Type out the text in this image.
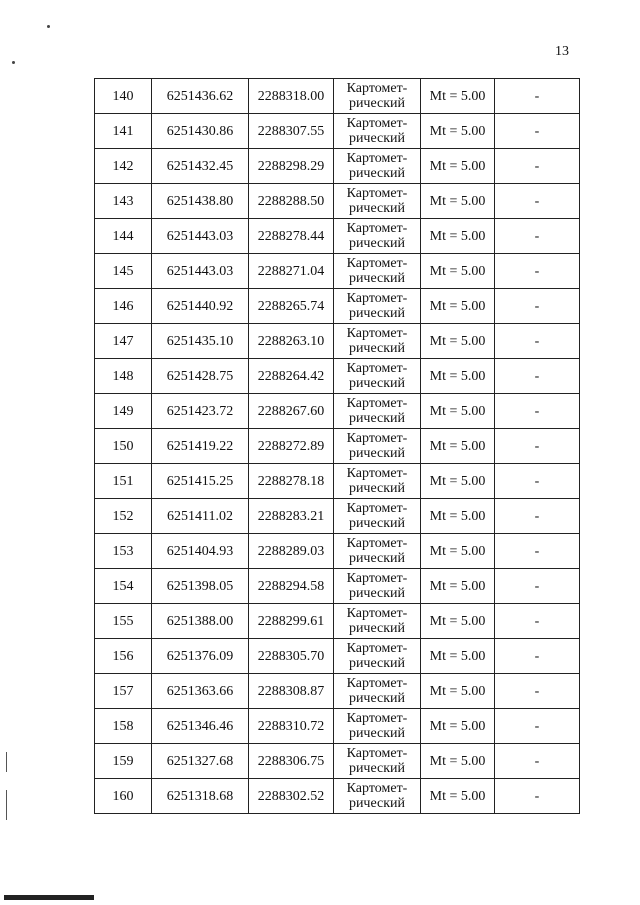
13
140	6251436.62	2288318.00	Картомет-
рический	Mt = 5.00	-
141	6251430.86	2288307.55	Картомет-
рический	Mt = 5.00	-
142	6251432.45	2288298.29	Картомет-
рический	Mt = 5.00	-
143	6251438.80	2288288.50	Картомет-
рический	Mt = 5.00	-
144	6251443.03	2288278.44	Картомет-
рический	Mt = 5.00	-
145	6251443.03	2288271.04	Картомет-
рический	Mt = 5.00	-
146	6251440.92	2288265.74	Картомет-
рический	Mt = 5.00	-
147	6251435.10	2288263.10	Картомет-
рический	Mt = 5.00	-
148	6251428.75	2288264.42	Картомет-
рический	Mt = 5.00	-
149	6251423.72	2288267.60	Картомет-
рический	Mt = 5.00	-
150	6251419.22	2288272.89	Картомет-
рический	Mt = 5.00	-
151	6251415.25	2288278.18	Картомет-
рический	Mt = 5.00	-
152	6251411.02	2288283.21	Картомет-
рический	Mt = 5.00	-
153	6251404.93	2288289.03	Картомет-
рический	Mt = 5.00	-
154	6251398.05	2288294.58	Картомет-
рический	Mt = 5.00	-
155	6251388.00	2288299.61	Картомет-
рический	Mt = 5.00	-
156	6251376.09	2288305.70	Картомет-
рический	Mt = 5.00	-
157	6251363.66	2288308.87	Картомет-
рический	Mt = 5.00	-
158	6251346.46	2288310.72	Картомет-
рический	Mt = 5.00	-
159	6251327.68	2288306.75	Картомет-
рический	Mt = 5.00	-
160	6251318.68	2288302.52	Картомет-
рический	Mt = 5.00	-
